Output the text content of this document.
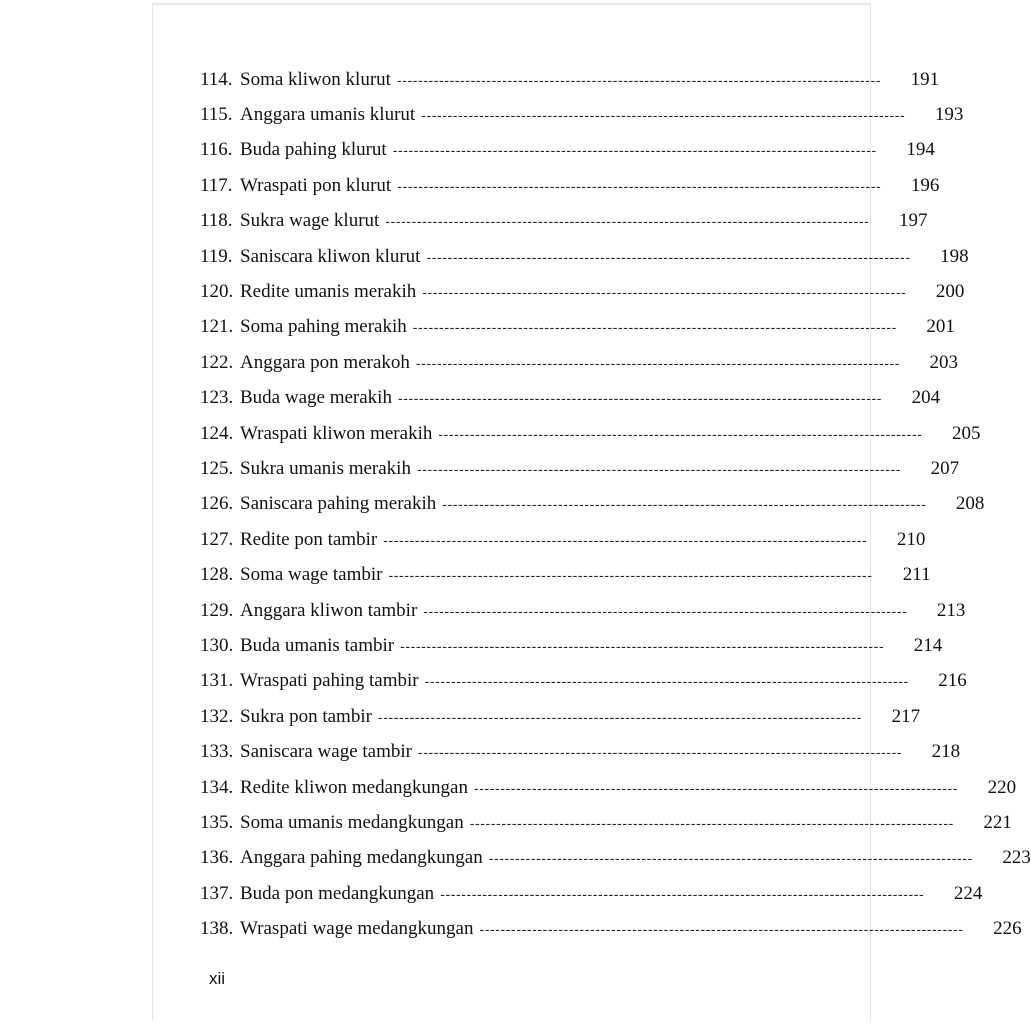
114. Soma kliwon klurut --------------------------------------------------------------------------------------------	191
115. Anggara umanis klurut --------------------------------------------------------------------------------------------	193
116. Buda pahing klurut --------------------------------------------------------------------------------------------	194
117. Wraspati pon klurut --------------------------------------------------------------------------------------------	196
118. Sukra wage klurut --------------------------------------------------------------------------------------------	197
119. Saniscara kliwon klurut --------------------------------------------------------------------------------------------	198
120. Redite umanis merakih --------------------------------------------------------------------------------------------	200
121. Soma pahing merakih --------------------------------------------------------------------------------------------	201
122. Anggara pon merakoh --------------------------------------------------------------------------------------------	203
123. Buda wage merakih --------------------------------------------------------------------------------------------	204
124. Wraspati kliwon merakih --------------------------------------------------------------------------------------------	205
125. Sukra umanis merakih --------------------------------------------------------------------------------------------	207
126. Saniscara pahing merakih --------------------------------------------------------------------------------------------	208
127. Redite pon tambir --------------------------------------------------------------------------------------------	210
128. Soma wage tambir --------------------------------------------------------------------------------------------	211
129. Anggara kliwon tambir --------------------------------------------------------------------------------------------	213
130. Buda umanis tambir --------------------------------------------------------------------------------------------	214
131. Wraspati pahing tambir --------------------------------------------------------------------------------------------	216
132. Sukra pon tambir --------------------------------------------------------------------------------------------	217
133. Saniscara wage tambir --------------------------------------------------------------------------------------------	218
134. Redite kliwon medangkungan --------------------------------------------------------------------------------------------	220
135. Soma umanis medangkungan --------------------------------------------------------------------------------------------	221
136. Anggara pahing medangkungan --------------------------------------------------------------------------------------------	223
137. Buda pon medangkungan --------------------------------------------------------------------------------------------	224
138. Wraspati wage medangkungan --------------------------------------------------------------------------------------------	226
xii
